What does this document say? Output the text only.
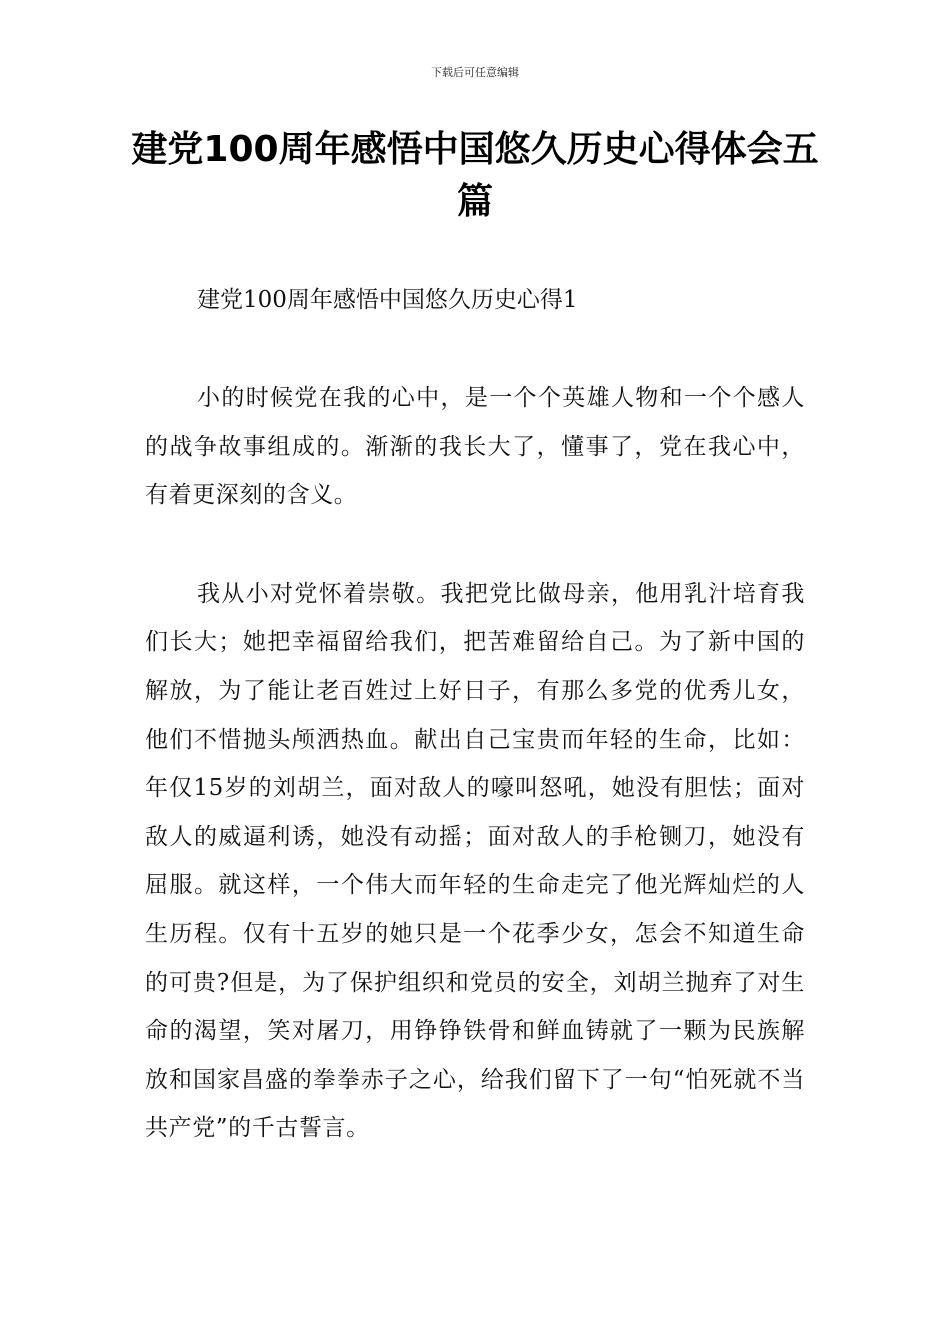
下载后可任意编辑
建党100周年感悟中国悠久历史心得体会五篇

建党100周年感悟中国悠久历史心得1

小的时候党在我的心中，是一个个英雄人物和一个个感人的战争故事组成的。渐渐的我长大了，懂事了，党在我心中，有着更深刻的含义。

我从小对党怀着崇敬。我把党比做母亲，他用乳汁培育我们长大；她把幸福留给我们，把苦难留给自己。为了新中国的解放，为了能让老百姓过上好日子，有那么多党的优秀儿女，他们不惜抛头颅洒热血。献出自己宝贵而年轻的生命，比如：年仅15岁的刘胡兰，面对敌人的嚎叫怒吼，她没有胆怯；面对敌人的威逼利诱，她没有动摇；面对敌人的手枪铡刀，她没有屈服。就这样，一个伟大而年轻的生命走完了他光辉灿烂的人生历程。仅有十五岁的她只是一个花季少女，怎会不知道生命的可贵?但是，为了保护组织和党员的安全，刘胡兰抛弃了对生命的渴望，笑对屠刀，用铮铮铁骨和鲜血铸就了一颗为民族解放和国家昌盛的拳拳赤子之心，给我们留下了一句“怕死就不当共产党”的千古誓言。
